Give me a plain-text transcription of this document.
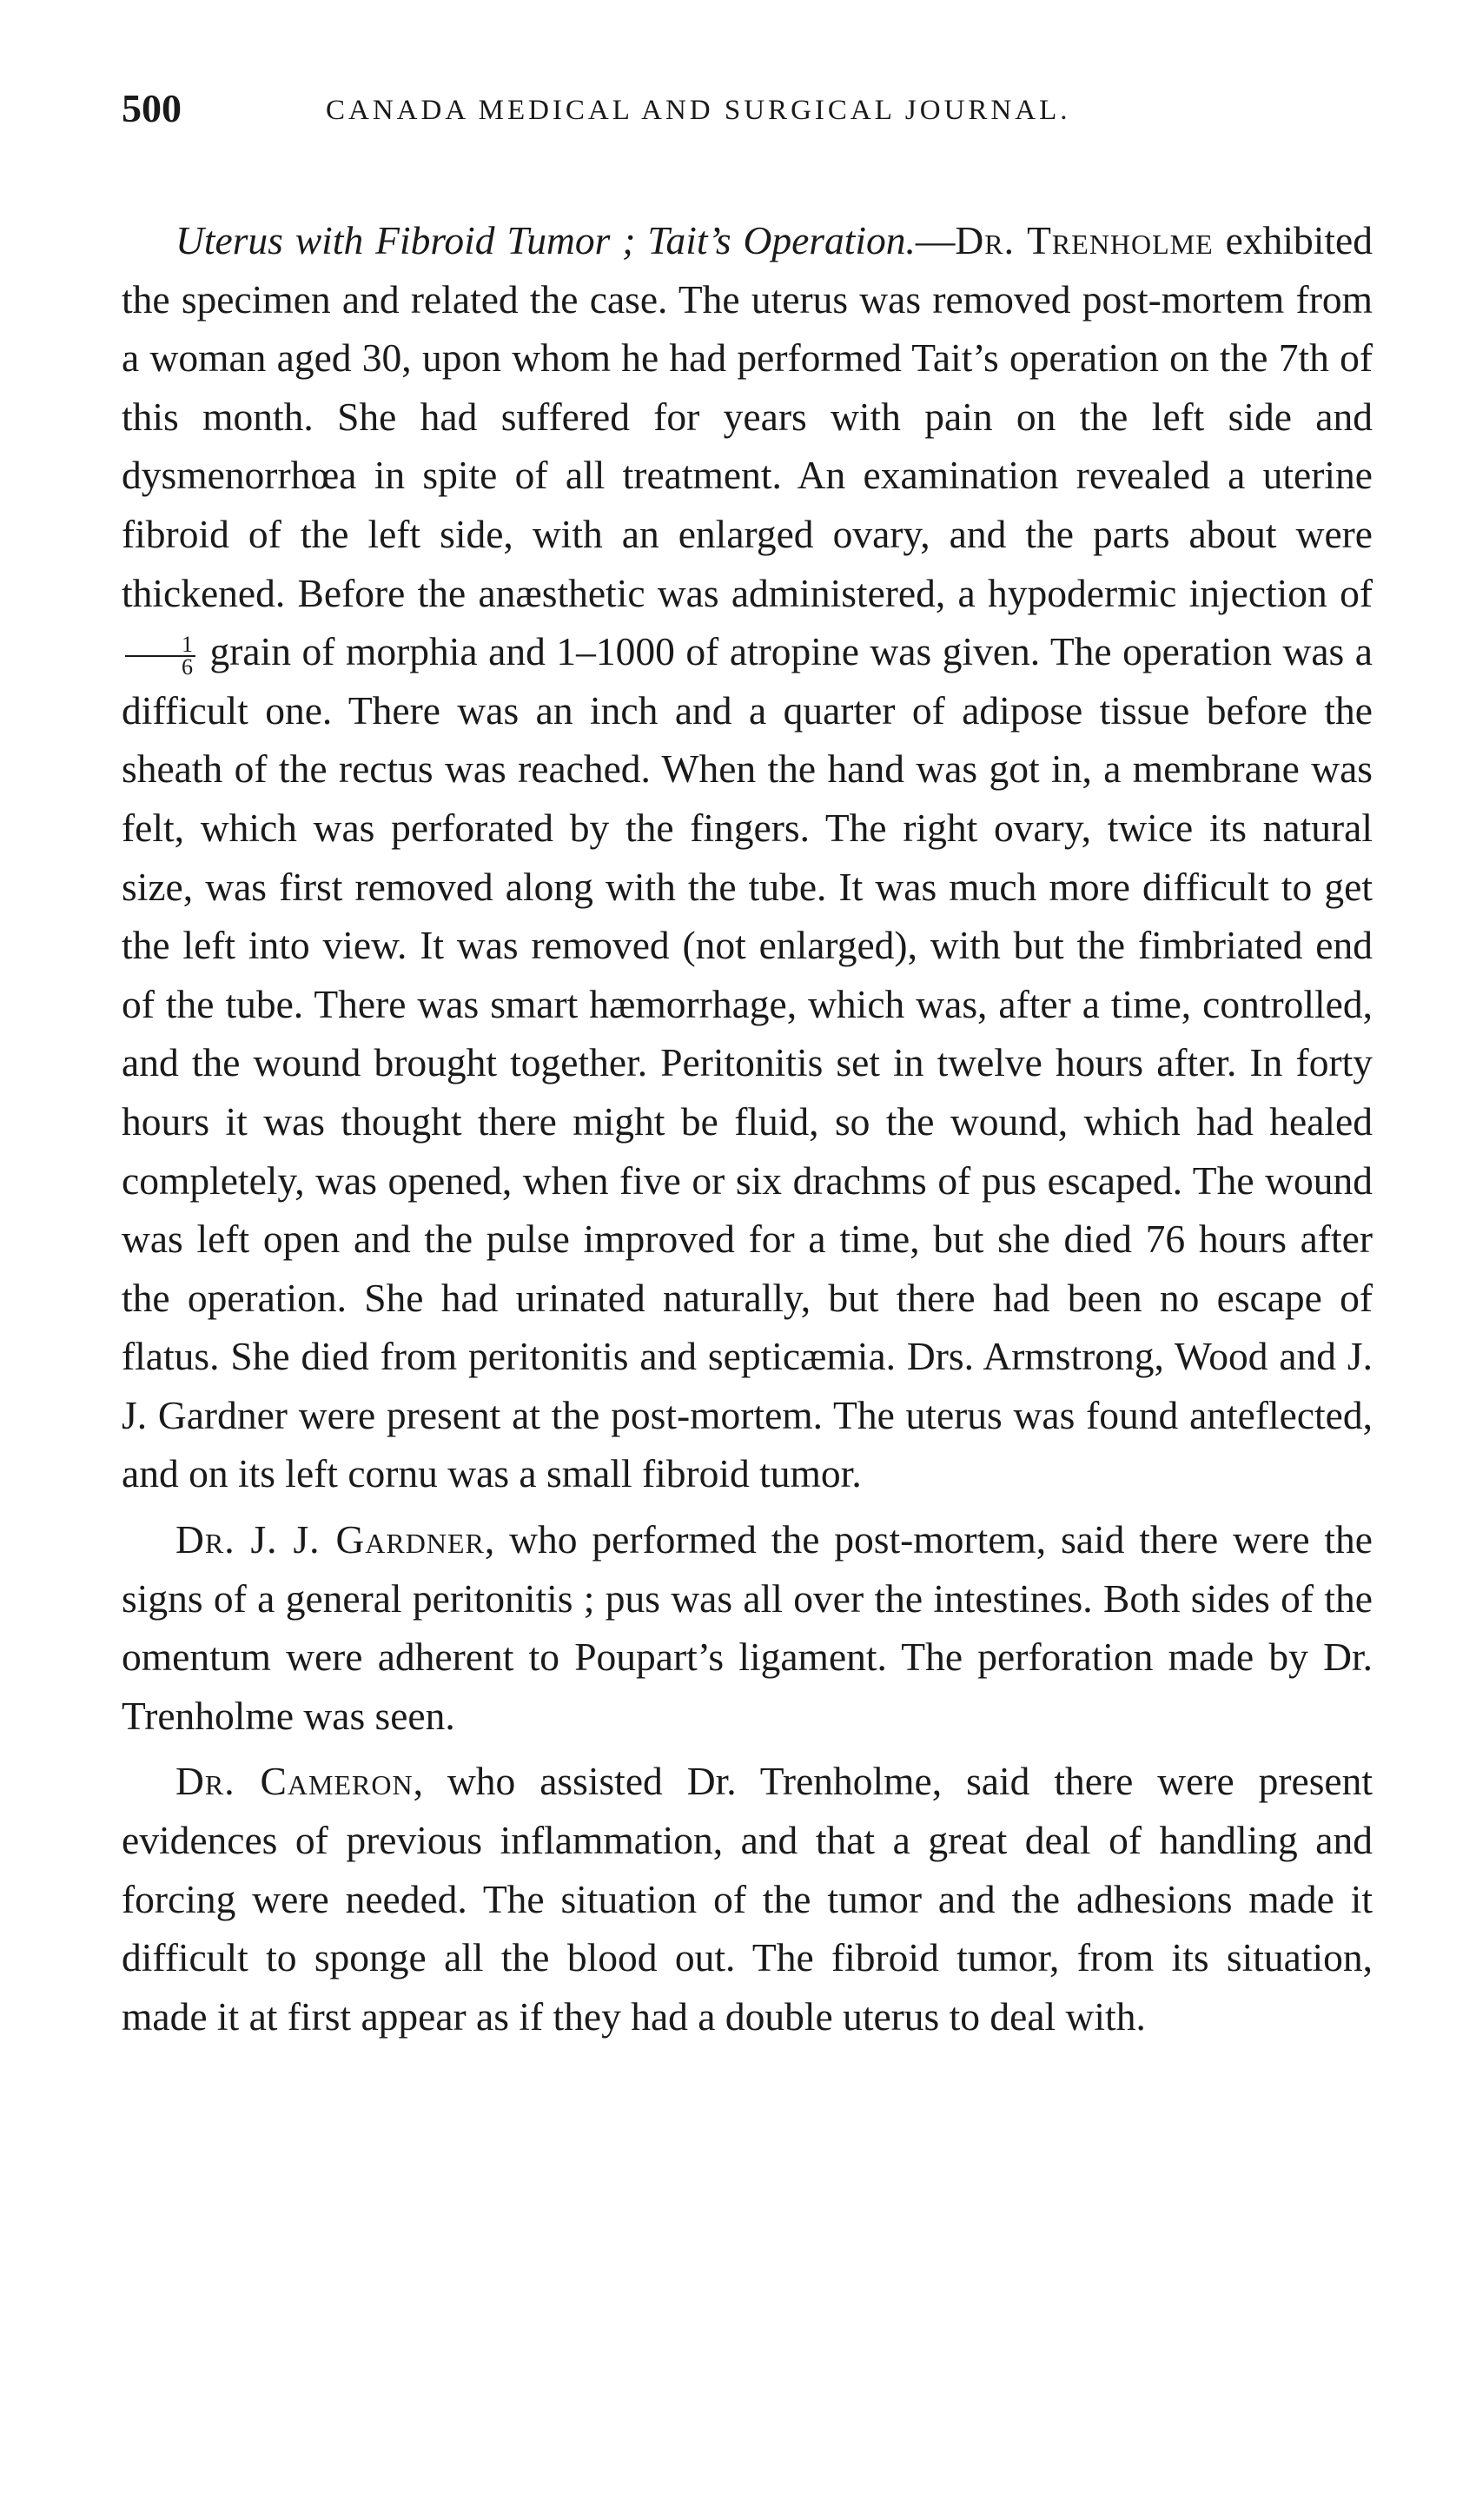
500	CANADA MEDICAL AND SURGICAL JOURNAL.

Uterus with Fibroid Tumor ; Tait’s Operation.—Dr. Trenholme exhibited the specimen and related the case. The uterus was removed post-mortem from a woman aged 30, upon whom he had performed Tait’s operation on the 7th of this month. She had suffered for years with pain on the left side and dysmenorrhœa in spite of all treatment. An examination revealed a uterine fibroid of the left side, with an enlarged ovary, and the parts about were thickened. Before the anæsthetic was administered, a hypodermic injection of
$\frac{1}{6}$ grain of morphia and 1–1000 of atropine was given. The operation was a difficult one. There was an inch and a quarter of adipose tissue before the sheath of the rectus was reached. When the hand was got in, a membrane was felt, which was perforated by the fingers. The right ovary, twice its natural size, was first removed along with the tube. It was much more difficult to get the left into view. It was removed (not enlarged), with but the fimbriated end of the tube. There was smart hæmorrhage, which was, after a time, controlled, and the wound brought together. Peritonitis set in twelve hours after. In forty hours it was thought there might be fluid, so the wound, which had healed completely, was opened, when five or six drachms of pus escaped. The wound was left open and the pulse improved for a time, but she died 76 hours after the operation. She had urinated naturally, but there had been no escape of flatus. She died from peritonitis and septicæmia. Drs. Armstrong, Wood and J. J. Gardner were present at the post-mortem. The uterus was found anteflected, and on its left cornu was a small fibroid tumor.

Dr. J. J. Gardner, who performed the post-mortem, said there were the signs of a general peritonitis ; pus was all over the intestines. Both sides of the omentum were adherent to Poupart’s ligament. The perforation made by Dr. Trenholme was seen.

Dr. Cameron, who assisted Dr. Trenholme, said there were present evidences of previous inflammation, and that a great deal of handling and forcing were needed. The situation of the tumor and the adhesions made it difficult to sponge all the blood out. The fibroid tumor, from its situation, made it at first appear as if they had a double uterus to deal with.
